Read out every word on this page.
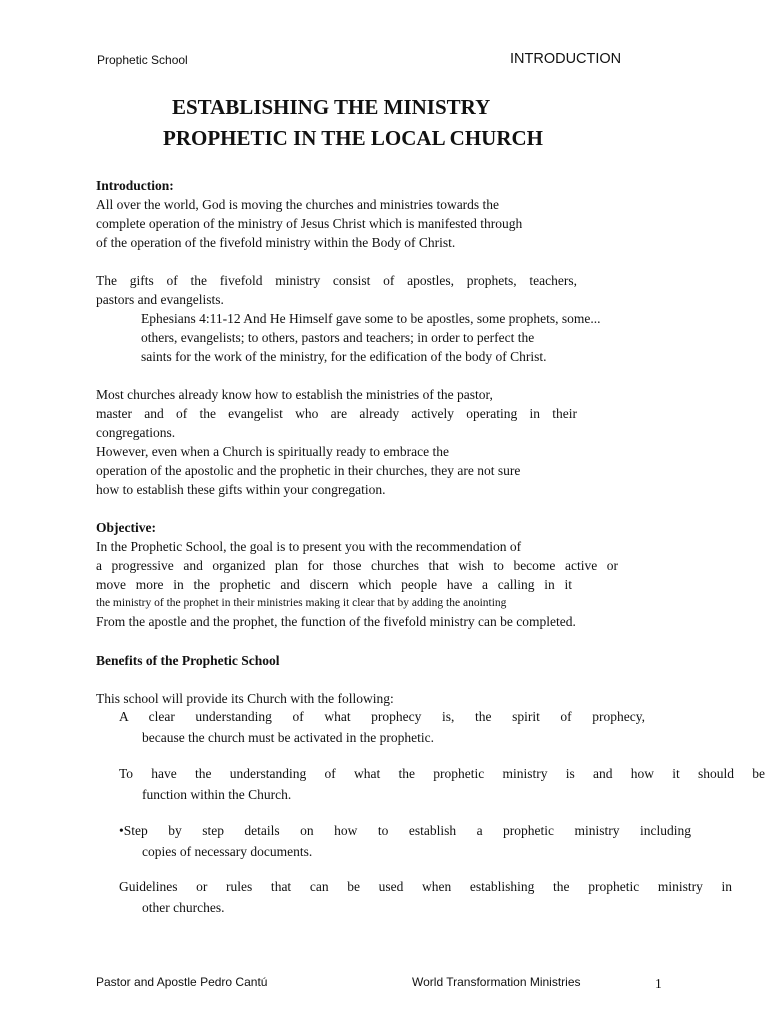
Prophetic School	INTRODUCTION
ESTABLISHING THE MINISTRY
PROPHETIC IN THE LOCAL CHURCH
Introduction:
All over the world, God is moving the churches and ministries towards the
complete operation of the ministry of Jesus Christ which is manifested through
of the operation of the fivefold ministry within the Body of Christ.
The gifts of the fivefold ministry consist of apostles, prophets, teachers,
pastors and evangelists.
Ephesians 4:11-12 And He Himself gave some to be apostles, some prophets, some...
others, evangelists; to others, pastors and teachers; in order to perfect the
saints for the work of the ministry, for the edification of the body of Christ.
Most churches already know how to establish the ministries of the pastor,
master and of the evangelist who are already actively operating in their
congregations.
However, even when a Church is spiritually ready to embrace the
operation of the apostolic and the prophetic in their churches, they are not sure
how to establish these gifts within your congregation.
Objective:
In the Prophetic School, the goal is to present you with the recommendation of
a progressive and organized plan for those churches that wish to become active or
move more in the prophetic and discern which people have a calling in it
the ministry of the prophet in their ministries making it clear that by adding the anointing
From the apostle and the prophet, the function of the fivefold ministry can be completed.
Benefits of the Prophetic School
This school will provide its Church with the following:
A clear understanding of what prophecy is, the spirit of prophecy,
because the church must be activated in the prophetic.
To have the understanding of what the prophetic ministry is and how it should be
function within the Church.
•Step by step details on how to establish a prophetic ministry including
copies of necessary documents.
Guidelines or rules that can be used when establishing the prophetic ministry in
other churches.
Pastor and Apostle Pedro Cantú	World Transformation Ministries	1
